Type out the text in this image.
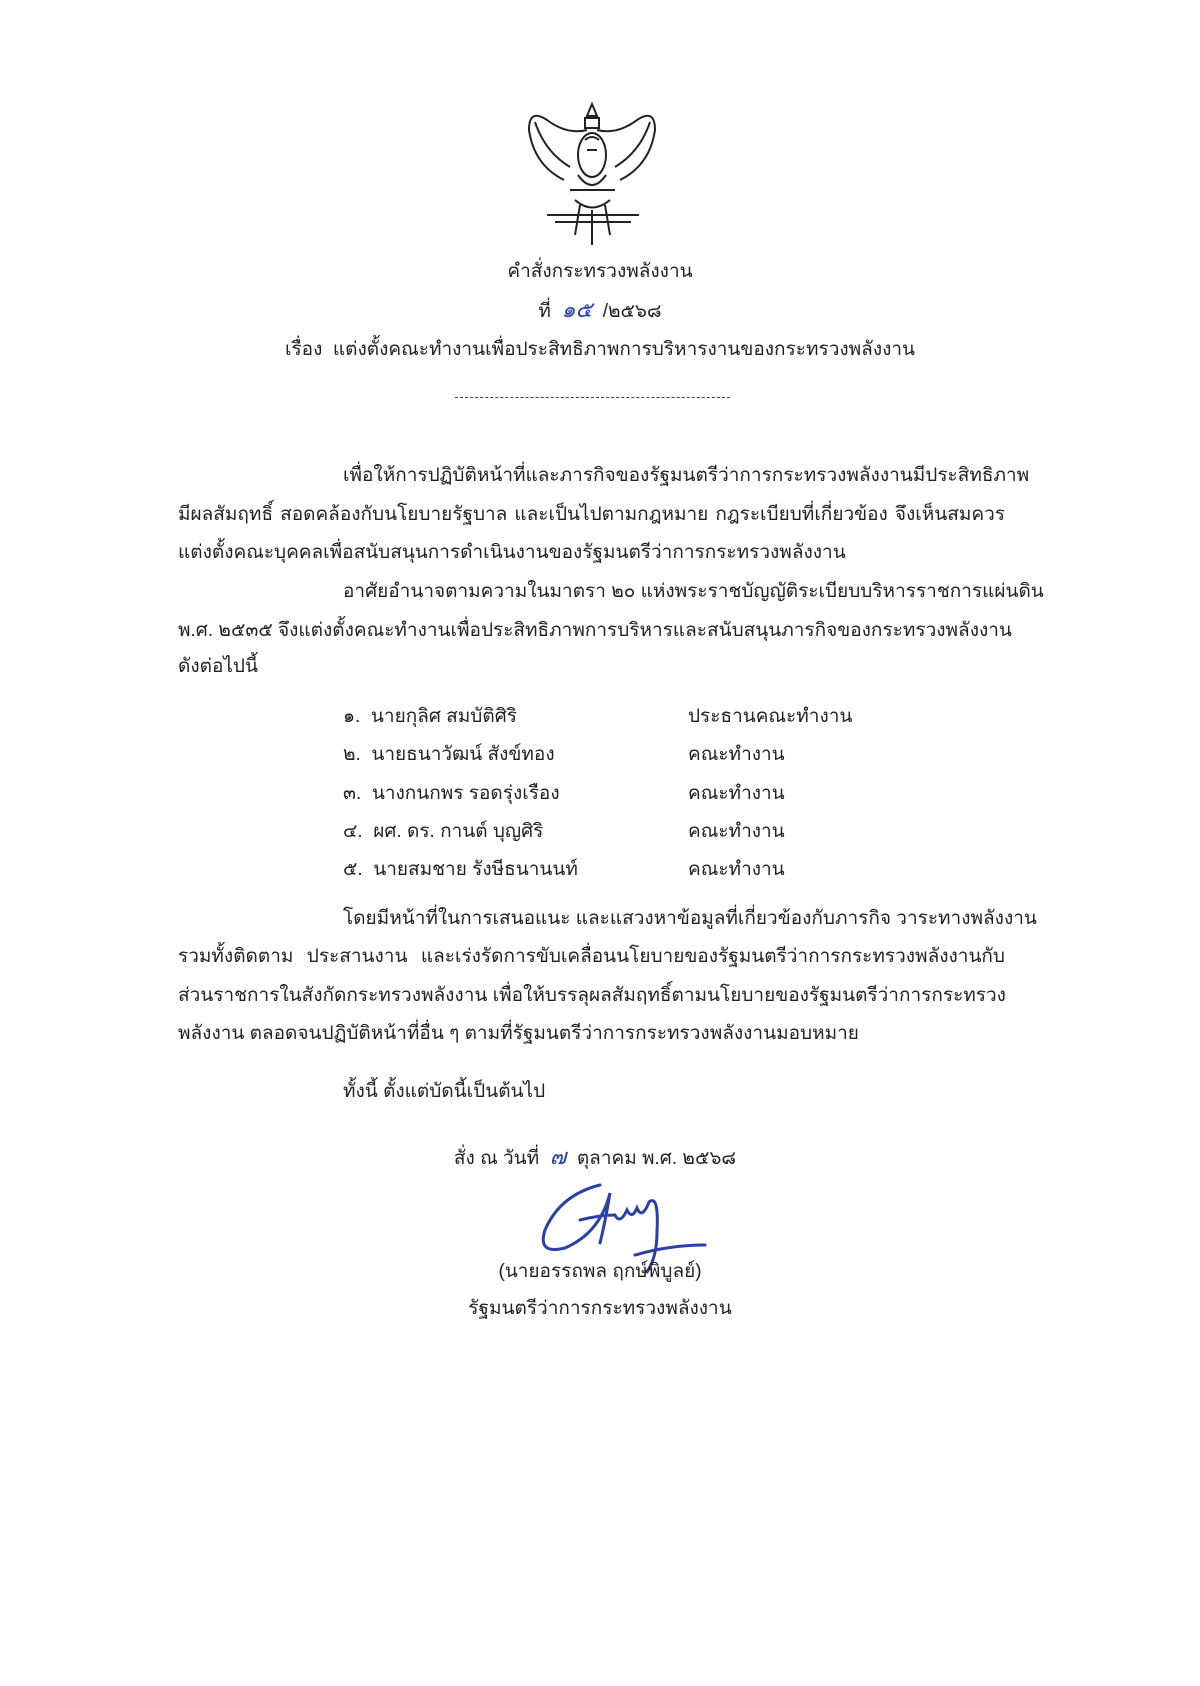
คำสั่งกระทรวงพลังงาน
ที่ ๑๕ /๒๕๖๘
เรื่อง แต่งตั้งคณะทำงานเพื่อประสิทธิภาพการบริหารงานของกระทรวงพลังงาน
เพื่อให้การปฏิบัติหน้าที่และภารกิจของรัฐมนตรีว่าการกระทรวงพลังงานมีประสิทธิภาพ
มีผลสัมฤทธิ์ สอดคล้องกับนโยบายรัฐบาล และเป็นไปตามกฎหมาย กฎระเบียบที่เกี่ยวข้อง จึงเห็นสมควร
แต่งตั้งคณะบุคคลเพื่อสนับสนุนการดำเนินงานของรัฐมนตรีว่าการกระทรวงพลังงาน
อาศัยอำนาจตามความในมาตรา ๒๐ แห่งพระราชบัญญัติระเบียบบริหารราชการแผ่นดิน
พ.ศ. ๒๕๓๕ จึงแต่งตั้งคณะทำงานเพื่อประสิทธิภาพการบริหารและสนับสนุนภารกิจของกระทรวงพลังงาน
ดังต่อไปนี้
๑. นายกุลิศ สมบัติศิริ	ประธานคณะทำงาน
๒. นายธนาวัฒน์ สังข์ทอง	คณะทำงาน
๓. นางกนกพร รอดรุ่งเรือง	คณะทำงาน
๔. ผศ. ดร. กานต์ บุญศิริ	คณะทำงาน
๕. นายสมชาย รังษีธนานนท์	คณะทำงาน
โดยมีหน้าที่ในการเสนอแนะ และแสวงหาข้อมูลที่เกี่ยวข้องกับภารกิจ วาระทางพลังงาน
รวมทั้งติดตาม ประสานงาน และเร่งรัดการขับเคลื่อนนโยบายของรัฐมนตรีว่าการกระทรวงพลังงานกับ
ส่วนราชการในสังกัดกระทรวงพลังงาน เพื่อให้บรรลุผลสัมฤทธิ์ตามนโยบายของรัฐมนตรีว่าการกระทรวง
พลังงาน ตลอดจนปฏิบัติหน้าที่อื่น ๆ ตามที่รัฐมนตรีว่าการกระทรวงพลังงานมอบหมาย
ทั้งนี้ ตั้งแต่บัดนี้เป็นต้นไป
สั่ง ณ วันที่ ๗ ตุลาคม พ.ศ. ๒๕๖๘
(นายอรรถพล ฤกษ์พิบูลย์)
รัฐมนตรีว่าการกระทรวงพลังงาน
